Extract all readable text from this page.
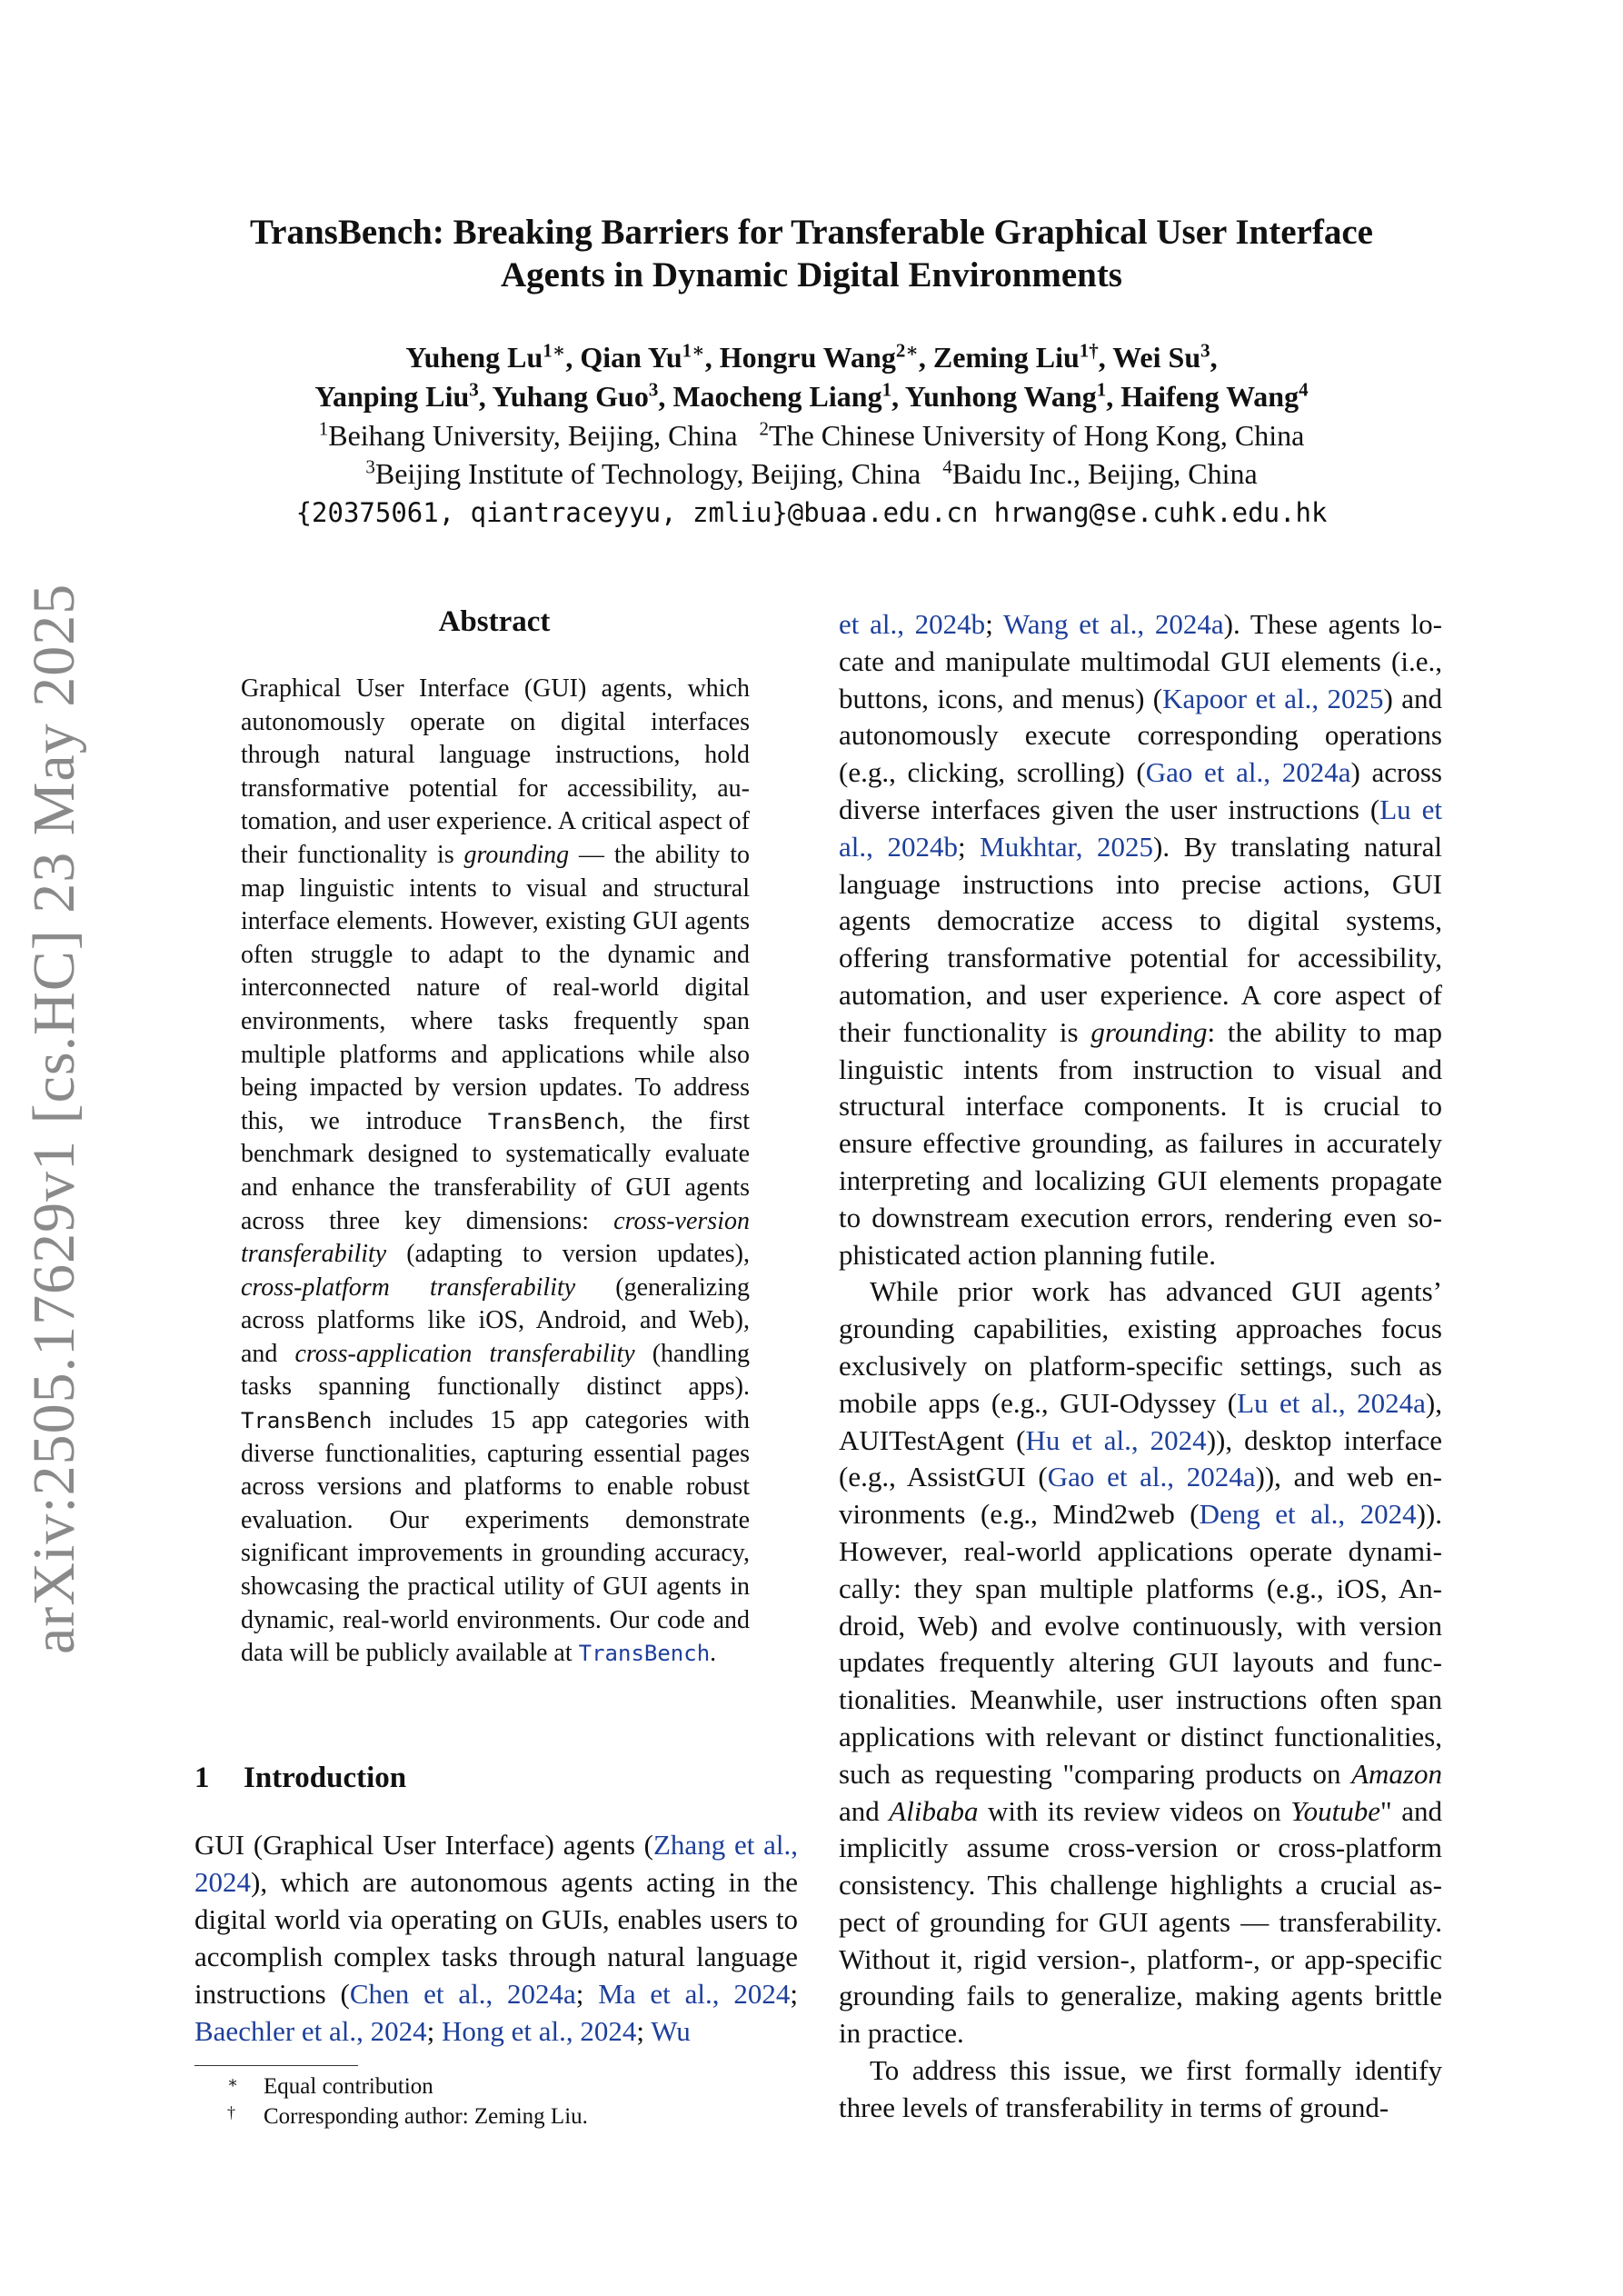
arXiv:2505.17629v1 [cs.HC] 23 May 2025
TransBench: Breaking Barriers for Transferable Graphical User Interface
Agents in Dynamic Digital Environments
Yuheng $Lu^{1∗}$, Qian $Yu^{1∗}$, Hongru Wang$^{2∗}$, Zeming Liu$^{1\dagger}$, Wei Su$^3$,
Yanping Liu$^3$, Yuhang Guo$^3$, Maocheng Liang$^1$, Yunhong Wang$^1$, Haifeng Wang$^4$
$^1$Beihang University, Beijing, China $^2$The Chinese University of Hong Kong, China
$^3$Beijing Institute of Technology, Beijing, China $^4$Baidu Inc., Beijing, China
{20375061, qiantraceyyu, zmliu}@buaa.edu.cn hrwang@se.cuhk.edu.hk
Abstract
Graphical User Interface (GUI) agents, which autonomously operate on digital interfaces through natural language instructions, hold transformative potential for accessibility, automation, and user experience. A critical aspect of their functionality is grounding — the ability to map linguistic intents to visual and structural interface elements. However, existing GUI agents often struggle to adapt to the dynamic and interconnected nature of real-world digital environments, where tasks frequently span multiple platforms and applications while also being impacted by version updates. To address this, we introduce TransBench, the first benchmark designed to systematically evaluate and enhance the transferability of GUI agents across three key dimensions: cross-version transferability (adapting to version updates), cross-platform transferability (generalizing across platforms like iOS, Android, and Web), and cross-application transferability (handling tasks spanning functionally distinct apps). TransBench includes 15 app categories with diverse functionalities, capturing essential pages across versions and platforms to enable robust evaluation. Our experiments demonstrate significant improvements in grounding accuracy, showcasing the practical utility of GUI agents in dynamic, real-world environments. Our code and data will be publicly available at TransBench.
1 Introduction
GUI (Graphical User Interface) agents (Zhang et al., 2024), which are autonomous agents acting in the digital world via operating on GUIs, enables users to accomplish complex tasks through natural language instructions (Chen et al., 2024a; Ma et al., 2024; Baechler et al., 2024; Hong et al., 2024; Wu
∗ Equal contribution
† Corresponding author: Zeming Liu.

et al., 2024b; Wang et al., 2024a). These agents locate and manipulate multimodal GUI elements (i.e., buttons, icons, and menus) (Kapoor et al., 2025) and autonomously execute corresponding operations (e.g., clicking, scrolling) (Gao et al., 2024a) across diverse interfaces given the user instructions (Lu et al., 2024b; Mukhtar, 2025). By translating natural language instructions into precise actions, GUI agents democratize access to digital systems, offering transformative potential for accessibility, automation, and user experience. A core aspect of their functionality is grounding: the ability to map linguistic intents from instruction to visual and structural interface components. It is crucial to ensure effective grounding, as failures in accurately interpreting and localizing GUI elements propagate to downstream execution errors, rendering even sophisticated action planning futile.

While prior work has advanced GUI agents’ grounding capabilities, existing approaches focus exclusively on platform-specific settings, such as mobile apps (e.g., GUI-Odyssey (Lu et al., 2024a), AUITestAgent (Hu et al., 2024)), desktop interface (e.g., AssistGUI (Gao et al., 2024a)), and web environments (e.g., Mind2web (Deng et al., 2024)). However, real-world applications operate dynamically: they span multiple platforms (e.g., iOS, Android, Web) and evolve continuously, with version updates frequently altering GUI layouts and functionalities. Meanwhile, user instructions often span applications with relevant or distinct functionalities, such as requesting "comparing products on Amazon and Alibaba with its review videos on Youtube" and implicitly assume cross-version or cross-platform consistency. This challenge highlights a crucial aspect of grounding for GUI agents — transferability. Without it, rigid version-, platform-, or app-specific grounding fails to generalize, making agents brittle in practice.

To address this issue, we first formally identify three levels of transferability in terms of ground-
